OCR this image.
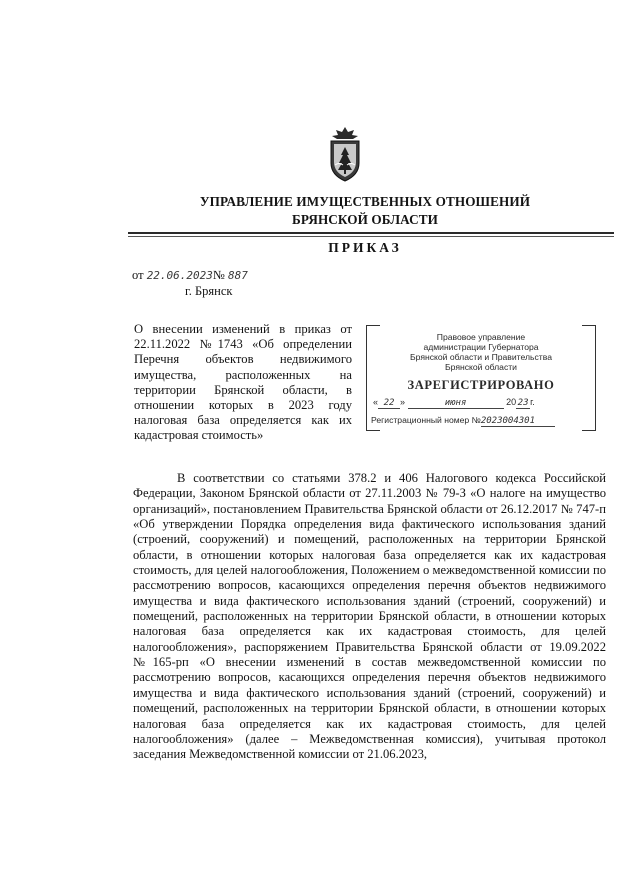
УПРАВЛЕНИЕ ИМУЩЕСТВЕННЫХ ОТНОШЕНИЙ
БРЯНСКОЙ ОБЛАСТИ
ПРИКАЗ
от 22.06.2023№ 887
г. Брянск

О внесении изменений в приказ от 22.11.2022 №1743 «Об определении Перечня объектов недвижимого имущества, расположенных на территории Брянской области, в отношении которых в 2023 году налоговая база определяется как их кадастровая стоимость»

Правовое управление
администрации Губернатора
Брянской области и Правительства
Брянской области
ЗАРЕГИСТРИРОВАНО
« 22 »	июня	20 23 г.
Регистрационный номер №2023004301

В соответствии со статьями 378.2 и 406 Налогового кодекса Российской Федерации, Законом Брянской области от 27.11.2003 № 79-З «О налоге на имущество организаций», постановлением Правительства Брянской области от 26.12.2017 № 747-п «Об утверждении Порядка определения вида фактического использования зданий (строений, сооружений) и помещений, расположенных на территории Брянской области, в отношении которых налоговая база определяется как их кадастровая стоимость, для целей налогообложения, Положением о межведомственной комиссии по рассмотрению вопросов, касающихся определения перечня объектов недвижимого имущества и вида фактического использования зданий (строений, сооружений) и помещений, расположенных на территории Брянской области, в отношении которых налоговая база определяется как их кадастровая стоимость, для целей налогообложения», распоряжением Правительства Брянской области от 19.09.2022 №165-рп «О внесении изменений в состав межведомственной комиссии по рассмотрению вопросов, касающихся определения перечня объектов недвижимого имущества и вида фактического использования зданий (строений, сооружений) и помещений, расположенных на территории Брянской области, в отношении которых налоговая база определяется как их кадастровая стоимость, для целей налогообложения» (далее – Межведомственная комиссия), учитывая протокол заседания Межведомственной комиссии от 21.06.2023,
